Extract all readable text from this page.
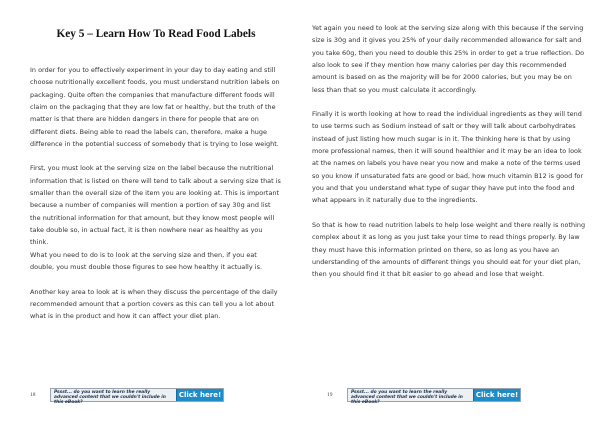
Key 5 – Learn How To Read Food Labels

In order for you to effectively experiment in your day to day eating and still choose nutritionally excellent foods, you must understand nutrition labels on packaging. Quite often the companies that manufacture different foods will claim on the packaging that they are low fat or healthy, but the truth of the matter is that there are hidden dangers in there for people that are on different diets. Being able to read the labels can, therefore, make a huge difference in the potential success of somebody that is trying to lose weight.

First, you must look at the serving size on the label because the nutritional information that is listed on there will tend to talk about a serving size that is smaller than the overall size of the item you are looking at. This is important because a number of companies will mention a portion of say 30g and list the nutritional information for that amount, but they know most people will take double so, in actual fact, it is then nowhere near as healthy as you think.

What you need to do is to look at the serving size and then, if you eat double, you must double those figures to see how healthy it actually is.

Another key area to look at is when they discuss the percentage of the daily recommended amount that a portion covers as this can tell you a lot about what is in the product and how it can affect your diet plan.

18	Pssst... do you want to learn the really advanced content that we couldn't include in this eBook?
Click here!

Yet again you need to look at the serving size along with this because if the serving size is 30g and it gives you 25% of your daily recommended allowance for salt and you take 60g, then you need to double this 25% in order to get a true reflection. Do also look to see if they mention how many calories per day this recommended amount is based on as the majority will be for 2000 calories, but you may be on less than that so you must calculate it accordingly.

Finally it is worth looking at how to read the individual ingredients as they will tend to use terms such as Sodium instead of salt or they will talk about carbohydrates instead of just listing how much sugar is in it. The thinking here is that by using more professional names, then it will sound healthier and it may be an idea to look at the names on labels you have near you now and make a note of the terms used so you know if unsaturated fats are good or bad, how much vitamin B12 is good for you and that you understand what type of sugar they have put into the food and what appears in it naturally due to the ingredients.

So that is how to read nutrition labels to help lose weight and there really is nothing complex about it as long as you just take your time to read things properly. By law they must have this information printed on there, so as long as you have an understanding of the amounts of different things you should eat for your diet plan, then you should find it that bit easier to go ahead and lose that weight.

19	Pssst... do you want to learn the really advanced content that we couldn't include in this eBook?
Click here!
